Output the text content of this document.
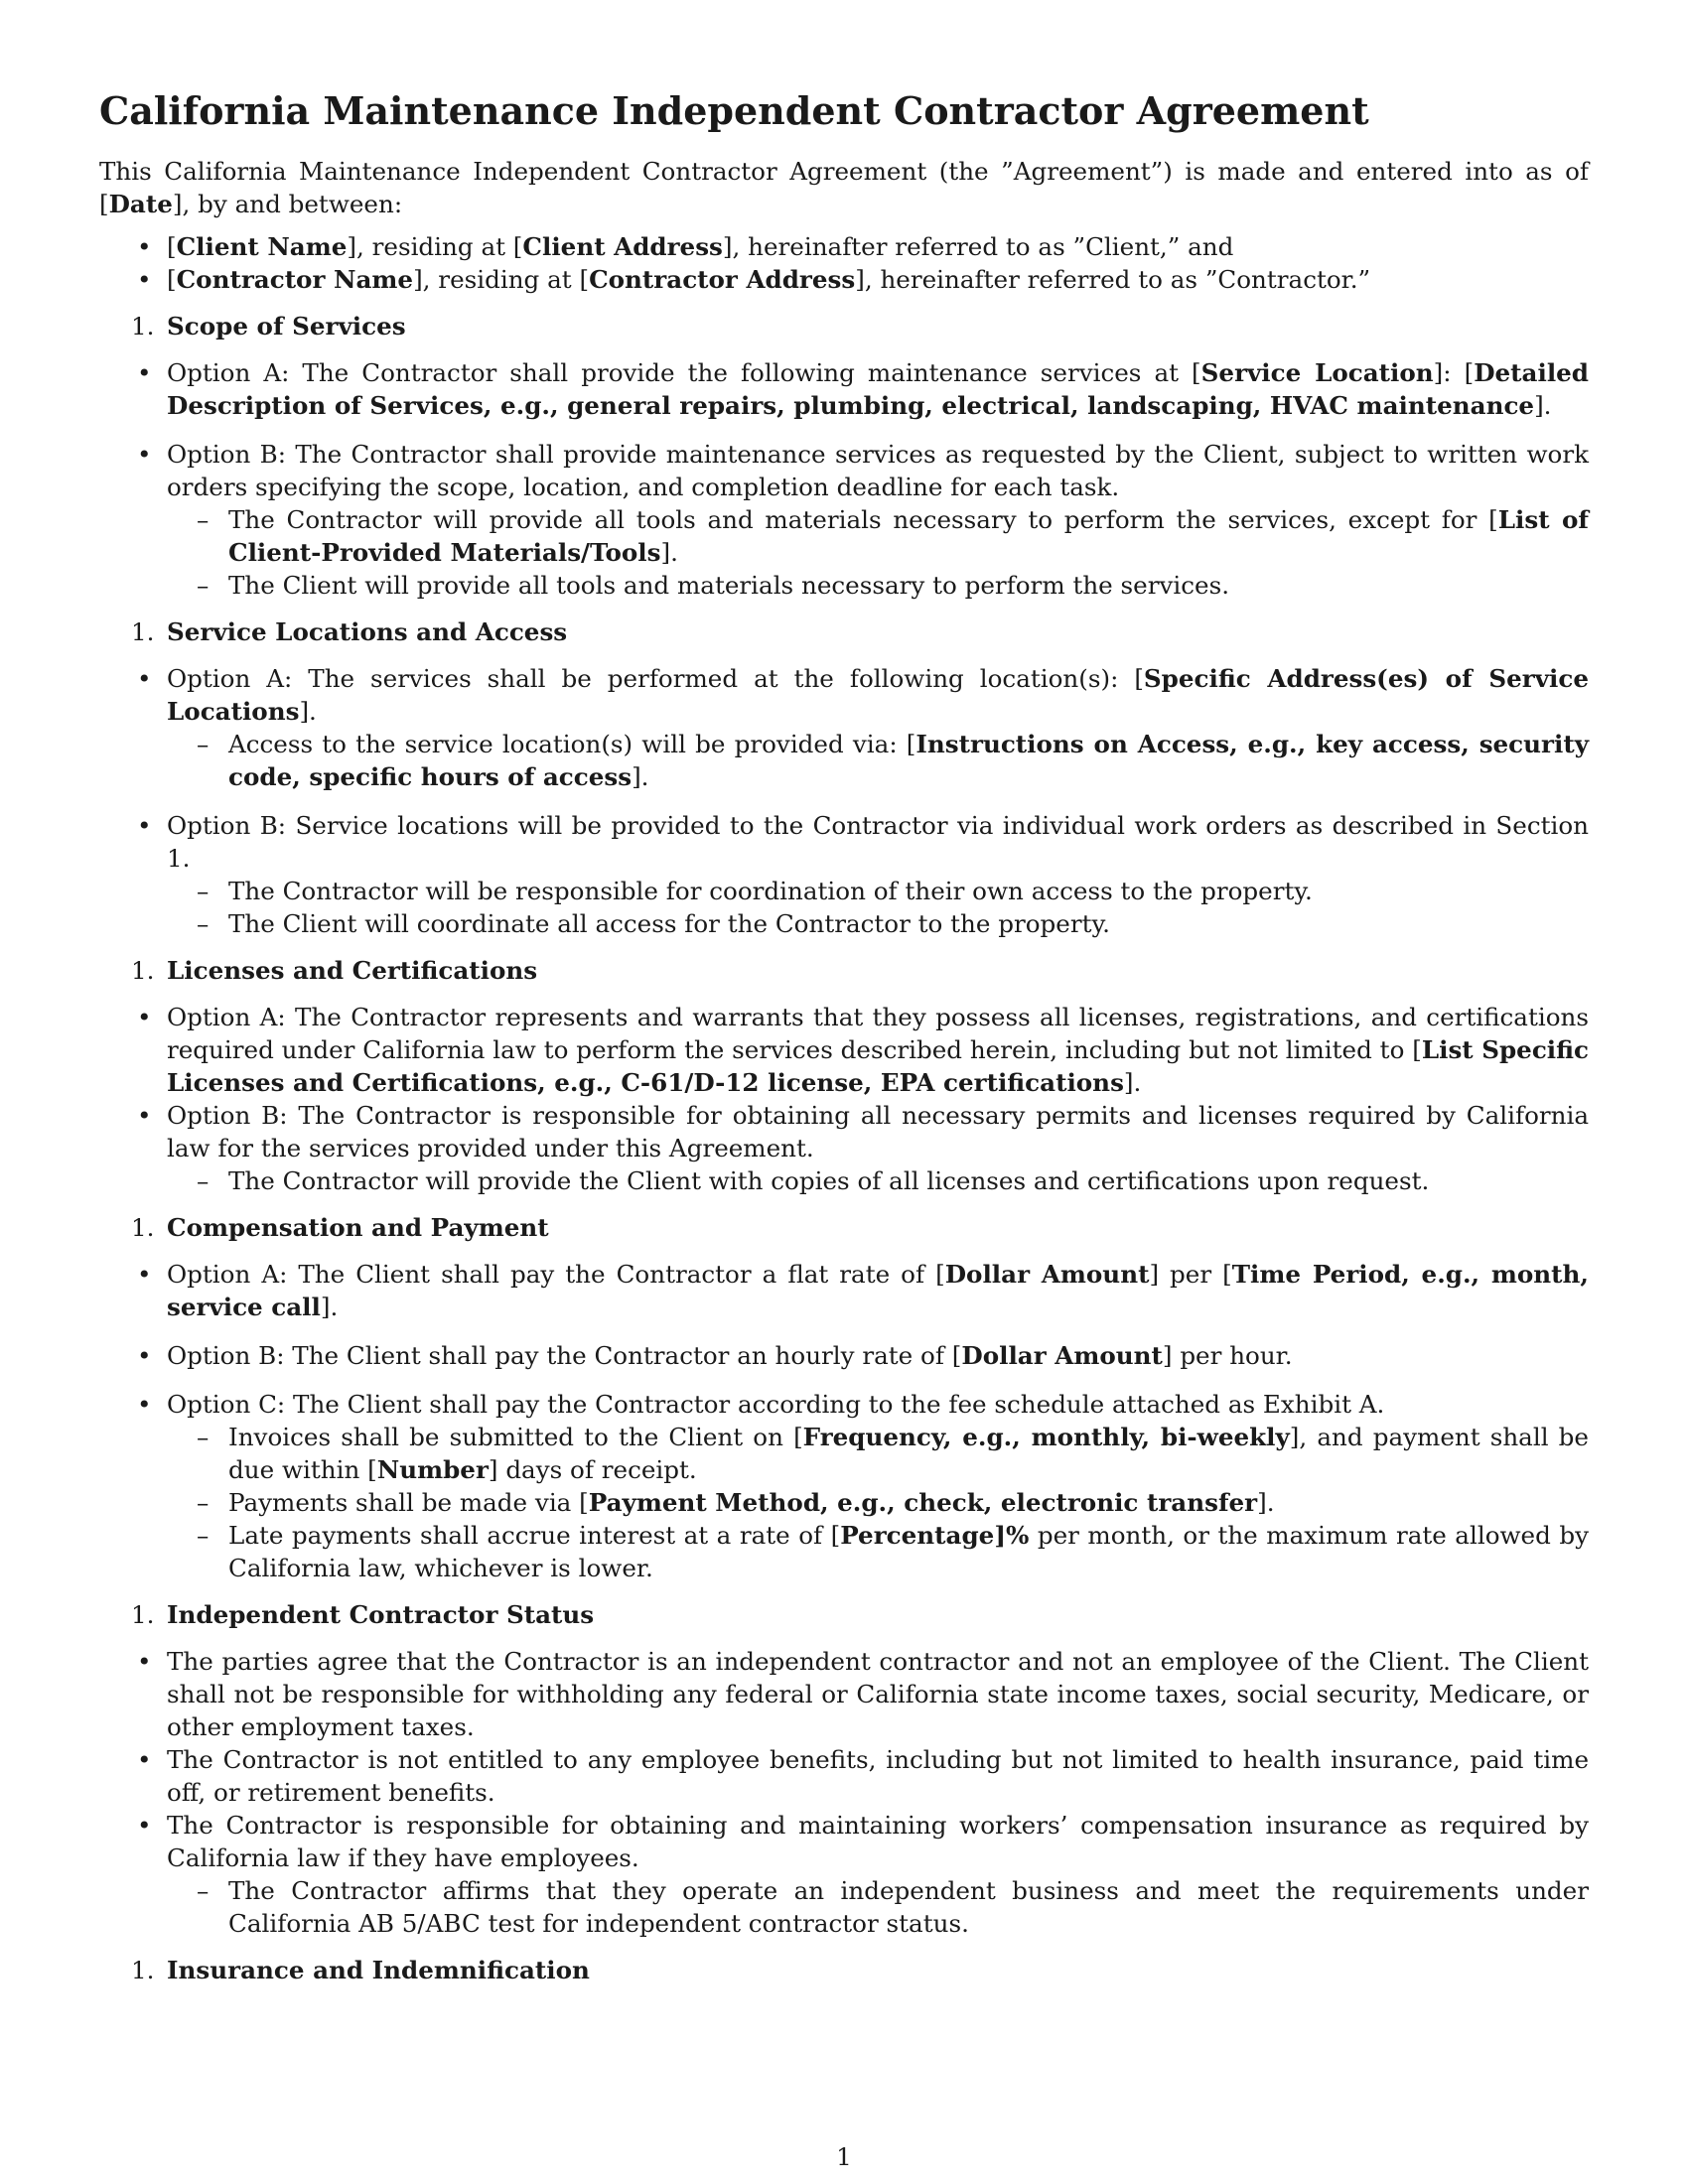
California Maintenance Independent Contractor Agreement

This California Maintenance Independent Contractor Agreement (the ”Agreement”) is made and entered into as of [Date], by and between:

• [Client Name], residing at [Client Address], hereinafter referred to as ”Client,” and
• [Contractor Name], residing at [Contractor Address], hereinafter referred to as ”Contractor.”
1. Scope of Services
• Option A: The Contractor shall provide the following maintenance services at [Service Location]: [Detailed Description of Services, e.g., general repairs, plumbing, electrical, landscaping, HVAC maintenance].
• Option B: The Contractor shall provide maintenance services as requested by the Client, subject to written work orders specifying the scope, location, and completion deadline for each task.
– The Contractor will provide all tools and materials necessary to perform the services, except for [List of Client-Provided Materials/Tools].
– The Client will provide all tools and materials necessary to perform the services.
1. Service Locations and Access
• Option A: The services shall be performed at the following location(s): [Specific Address(es) of Service Locations].
– Access to the service location(s) will be provided via: [Instructions on Access, e.g., key access, security code, specific hours of access].
• Option B: Service locations will be provided to the Contractor via individual work orders as described in Section 1.
– The Contractor will be responsible for coordination of their own access to the property.
– The Client will coordinate all access for the Contractor to the property.
1. Licenses and Certifications
• Option A: The Contractor represents and warrants that they possess all licenses, registrations, and certifications required under California law to perform the services described herein, including but not limited to [List Specific Licenses and Certifications, e.g., C-61/D-12 license, EPA certifications].
• Option B: The Contractor is responsible for obtaining all necessary permits and licenses required by California law for the services provided under this Agreement.
– The Contractor will provide the Client with copies of all licenses and certifications upon request.
1. Compensation and Payment
• Option A: The Client shall pay the Contractor a flat rate of [Dollar Amount] per [Time Period, e.g., month, service call].
• Option B: The Client shall pay the Contractor an hourly rate of [Dollar Amount] per hour.
• Option C: The Client shall pay the Contractor according to the fee schedule attached as Exhibit A.
– Invoices shall be submitted to the Client on [Frequency, e.g., monthly, bi-weekly], and payment shall be due within [Number] days of receipt.
– Payments shall be made via [Payment Method, e.g., check, electronic transfer].
– Late payments shall accrue interest at a rate of [Percentage]% per month, or the maximum rate allowed by California law, whichever is lower.
1. Independent Contractor Status
• The parties agree that the Contractor is an independent contractor and not an employee of the Client. The Client shall not be responsible for withholding any federal or California state income taxes, social security, Medicare, or other employment taxes.
• The Contractor is not entitled to any employee benefits, including but not limited to health insurance, paid time off, or retirement benefits.
• The Contractor is responsible for obtaining and maintaining workers’ compensation insurance as required by California law if they have employees.
– The Contractor affirms that they operate an independent business and meet the requirements under California AB 5/ABC test for independent contractor status.
1. Insurance and Indemnification
1
